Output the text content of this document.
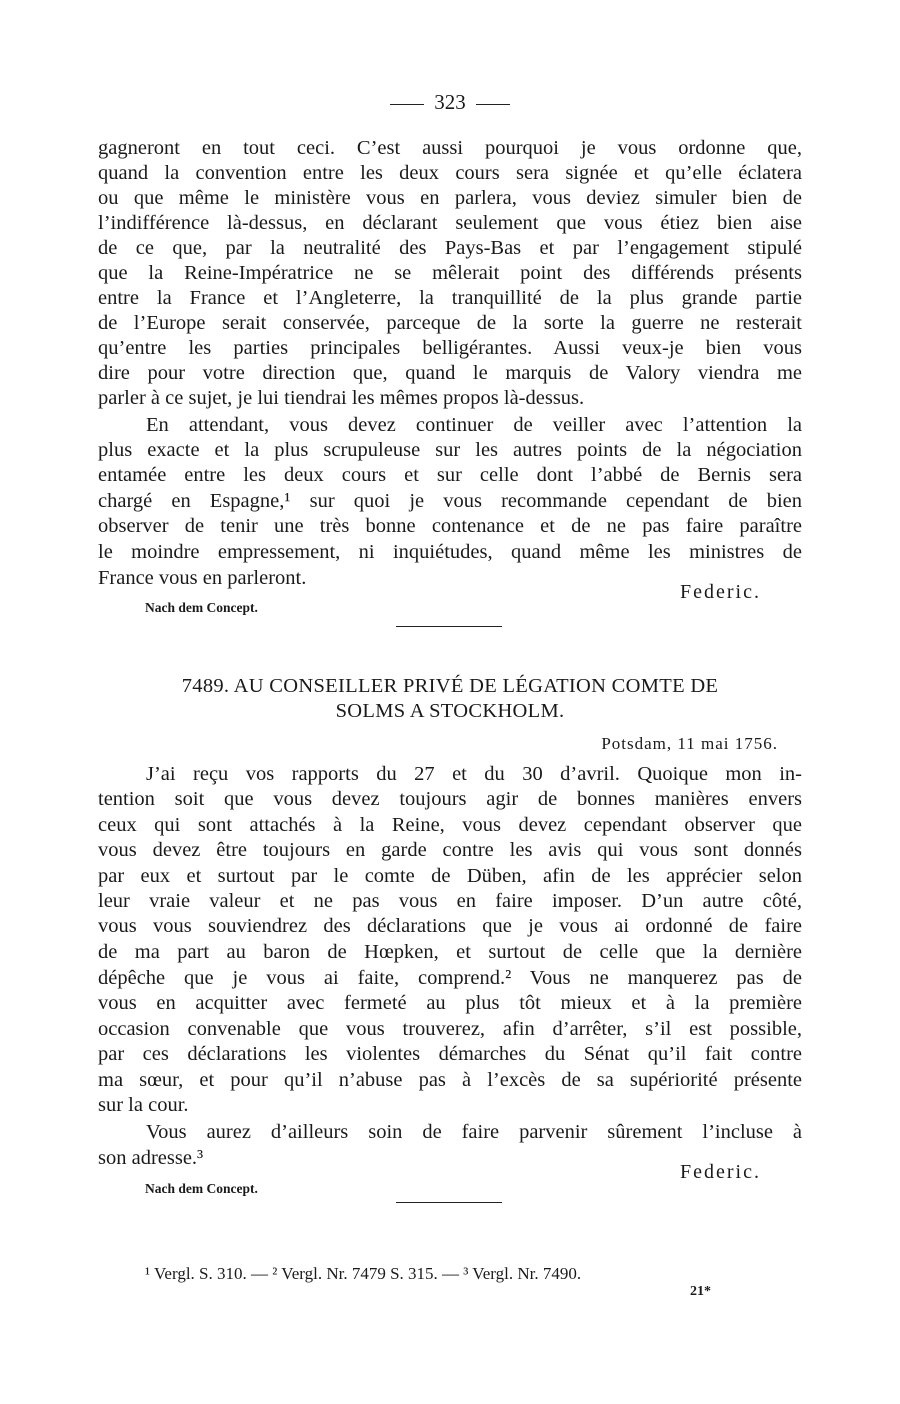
323
gagneront en tout ceci. C’est aussi pourquoi je vous ordonne que,
quand la convention entre les deux cours sera signée et qu’elle éclatera
ou que même le ministère vous en parlera, vous deviez simuler bien de
l’indifférence là-dessus, en déclarant seulement que vous étiez bien aise
de ce que, par la neutralité des Pays-Bas et par l’engagement stipulé
que la Reine-Impératrice ne se mêlerait point des différends présents
entre la France et l’Angleterre, la tranquillité de la plus grande partie
de l’Europe serait conservée, parceque de la sorte la guerre ne resterait
qu’entre les parties principales belligérantes. Aussi veux-je bien vous
dire pour votre direction que, quand le marquis de Valory viendra me
parler à ce sujet, je lui tiendrai les mêmes propos là-dessus.
En attendant, vous devez continuer de veiller avec l’attention la
plus exacte et la plus scrupuleuse sur les autres points de la négociation
entamée entre les deux cours et sur celle dont l’abbé de Bernis sera
chargé en Espagne,¹ sur quoi je vous recommande cependant de bien
observer de tenir une très bonne contenance et de ne pas faire paraître
le moindre empressement, ni inquiétudes, quand même les ministres de
France vous en parleront.
Federic.
Nach dem Concept.
7489. AU CONSEILLER PRIVÉ DE LÉGATION COMTE DE
SOLMS A STOCKHOLM.
Potsdam, 11 mai 1756.
J’ai reçu vos rapports du 27 et du 30 d’avril. Quoique mon in-
tention soit que vous devez toujours agir de bonnes manières envers
ceux qui sont attachés à la Reine, vous devez cependant observer que
vous devez être toujours en garde contre les avis qui vous sont donnés
par eux et surtout par le comte de Düben, afin de les apprécier selon
leur vraie valeur et ne pas vous en faire imposer. D’un autre côté,
vous vous souviendrez des déclarations que je vous ai ordonné de faire
de ma part au baron de Hœpken, et surtout de celle que la dernière
dépêche que je vous ai faite, comprend.² Vous ne manquerez pas de
vous en acquitter avec fermeté au plus tôt mieux et à la première
occasion convenable que vous trouverez, afin d’arrêter, s’il est possible,
par ces déclarations les violentes démarches du Sénat qu’il fait contre
ma sœur, et pour qu’il n’abuse pas à l’excès de sa supériorité présente
sur la cour.
Vous aurez d’ailleurs soin de faire parvenir sûrement l’incluse à
son adresse.³
Federic.
Nach dem Concept.
¹ Vergl. S. 310. — ² Vergl. Nr. 7479 S. 315. — ³ Vergl. Nr. 7490.
21*
